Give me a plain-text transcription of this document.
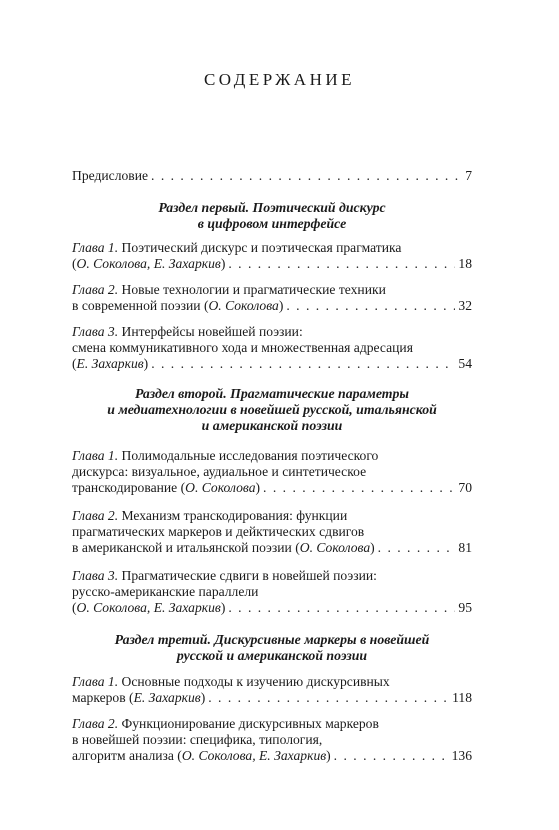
СОДЕРЖАНИЕ
Предисловие . . .	7
Раздел первый. Поэтический дискурс
в цифровом интерфейсе
Глава 1. Поэтический дискурс и поэтическая прагматика
(О. Соколова, Е. Захаркив) . . .	18
Глава 2. Новые технологии и прагматические техники
в современной поэзии (О. Соколова) . . .	32
Глава 3. Интерфейсы новейшей поэзии:
смена коммуникативного хода и множественная адресация
(Е. Захаркив) . . .	54
Раздел второй. Прагматические параметры
и медиатехнологии в новейшей русской, итальянской
и американской поэзии
Глава 1. Полимодальные исследования поэтического
дискурса: визуальное, аудиальное и синтетическое
транскодирование (О. Соколова) . . .	70
Глава 2. Механизм транскодирования: функции
прагматических маркеров и дейктических сдвигов
в американской и итальянской поэзии (О. Соколова) . . .	81
Глава 3. Прагматические сдвиги в новейшей поэзии:
русско-американские параллели
(О. Соколова, Е. Захаркив) . . .	95
Раздел третий. Дискурсивные маркеры в новейшей
русской и американской поэзии
Глава 1. Основные подходы к изучению дискурсивных
маркеров (Е. Захаркив) . . .	118
Глава 2. Функционирование дискурсивных маркеров
в новейшей поэзии: специфика, типология,
алгоритм анализа (О. Соколова, Е. Захаркив) . . .	136
